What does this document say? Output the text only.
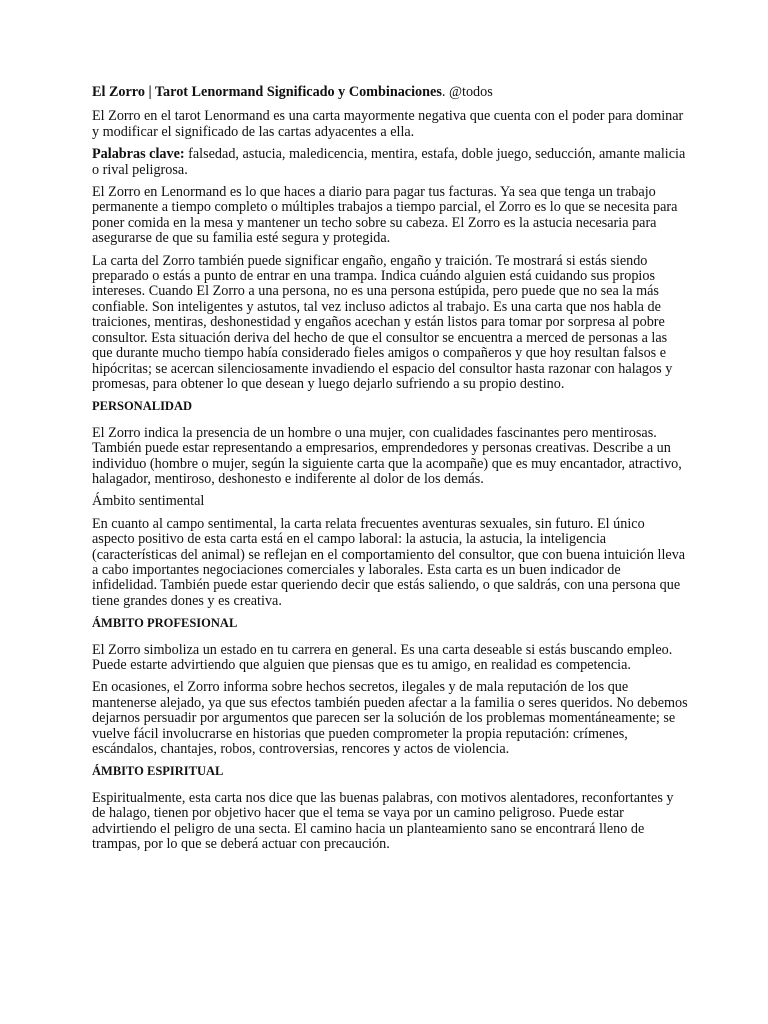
El Zorro | Tarot Lenormand Significado y Combinaciones. @todos

El Zorro en el tarot Lenormand es una carta mayormente negativa que cuenta con el poder para dominar y modificar el significado de las cartas adyacentes a ella.

Palabras clave: falsedad, astucia, maledicencia, mentira, estafa, doble juego, seducción, amante malicia o rival peligrosa.

El Zorro en Lenormand es lo que haces a diario para pagar tus facturas. Ya sea que tenga un trabajo permanente a tiempo completo o múltiples trabajos a tiempo parcial, el Zorro es lo que se necesita para poner comida en la mesa y mantener un techo sobre su cabeza. El Zorro es la astucia necesaria para asegurarse de que su familia esté segura y protegida.

La carta del Zorro también puede significar engaño, engaño y traición. Te mostrará si estás siendo preparado o estás a punto de entrar en una trampa. Indica cuándo alguien está cuidando sus propios intereses. Cuando El Zorro a una persona, no es una persona estúpida, pero puede que no sea la más confiable. Son inteligentes y astutos, tal vez incluso adictos al trabajo. Es una carta que nos habla de traiciones, mentiras, deshonestidad y engaños acechan y están listos para tomar por sorpresa al pobre consultor. Esta situación deriva del hecho de que el consultor se encuentra a merced de personas a las que durante mucho tiempo había considerado fieles amigos o compañeros y que hoy resultan falsos e hipócritas; se acercan silenciosamente invadiendo el espacio del consultor hasta razonar con halagos y promesas, para obtener lo que desean y luego dejarlo sufriendo a su propio destino.

PERSONALIDAD

El Zorro indica la presencia de un hombre o una mujer, con cualidades fascinantes pero mentirosas. También puede estar representando a empresarios, emprendedores y personas creativas. Describe a un individuo (hombre o mujer, según la siguiente carta que la acompañe) que es muy encantador, atractivo, halagador, mentiroso, deshonesto e indiferente al dolor de los demás.

Ámbito sentimental

En cuanto al campo sentimental, la carta relata frecuentes aventuras sexuales, sin futuro. El único aspecto positivo de esta carta está en el campo laboral: la astucia, la astucia, la inteligencia (características del animal) se reflejan en el comportamiento del consultor, que con buena intuición lleva a cabo importantes negociaciones comerciales y laborales. Esta carta es un buen indicador de infidelidad. También puede estar queriendo decir que estás saliendo, o que saldrás, con una persona que tiene grandes dones y es creativa.

ÁMBITO PROFESIONAL

El Zorro simboliza un estado en tu carrera en general. Es una carta deseable si estás buscando empleo. Puede estarte advirtiendo que alguien que piensas que es tu amigo, en realidad es competencia.

En ocasiones, el Zorro informa sobre hechos secretos, ilegales y de mala reputación de los que mantenerse alejado, ya que sus efectos también pueden afectar a la familia o seres queridos. No debemos dejarnos persuadir por argumentos que parecen ser la solución de los problemas momentáneamente; se vuelve fácil involucrarse en historias que pueden comprometer la propia reputación: crímenes, escándalos, chantajes, robos, controversias, rencores y actos de violencia.

ÁMBITO ESPIRITUAL

Espiritualmente, esta carta nos dice que las buenas palabras, con motivos alentadores, reconfortantes y de halago, tienen por objetivo hacer que el tema se vaya por un camino peligroso. Puede estar advirtiendo el peligro de una secta. El camino hacia un planteamiento sano se encontrará lleno de trampas, por lo que se deberá actuar con precaución.
